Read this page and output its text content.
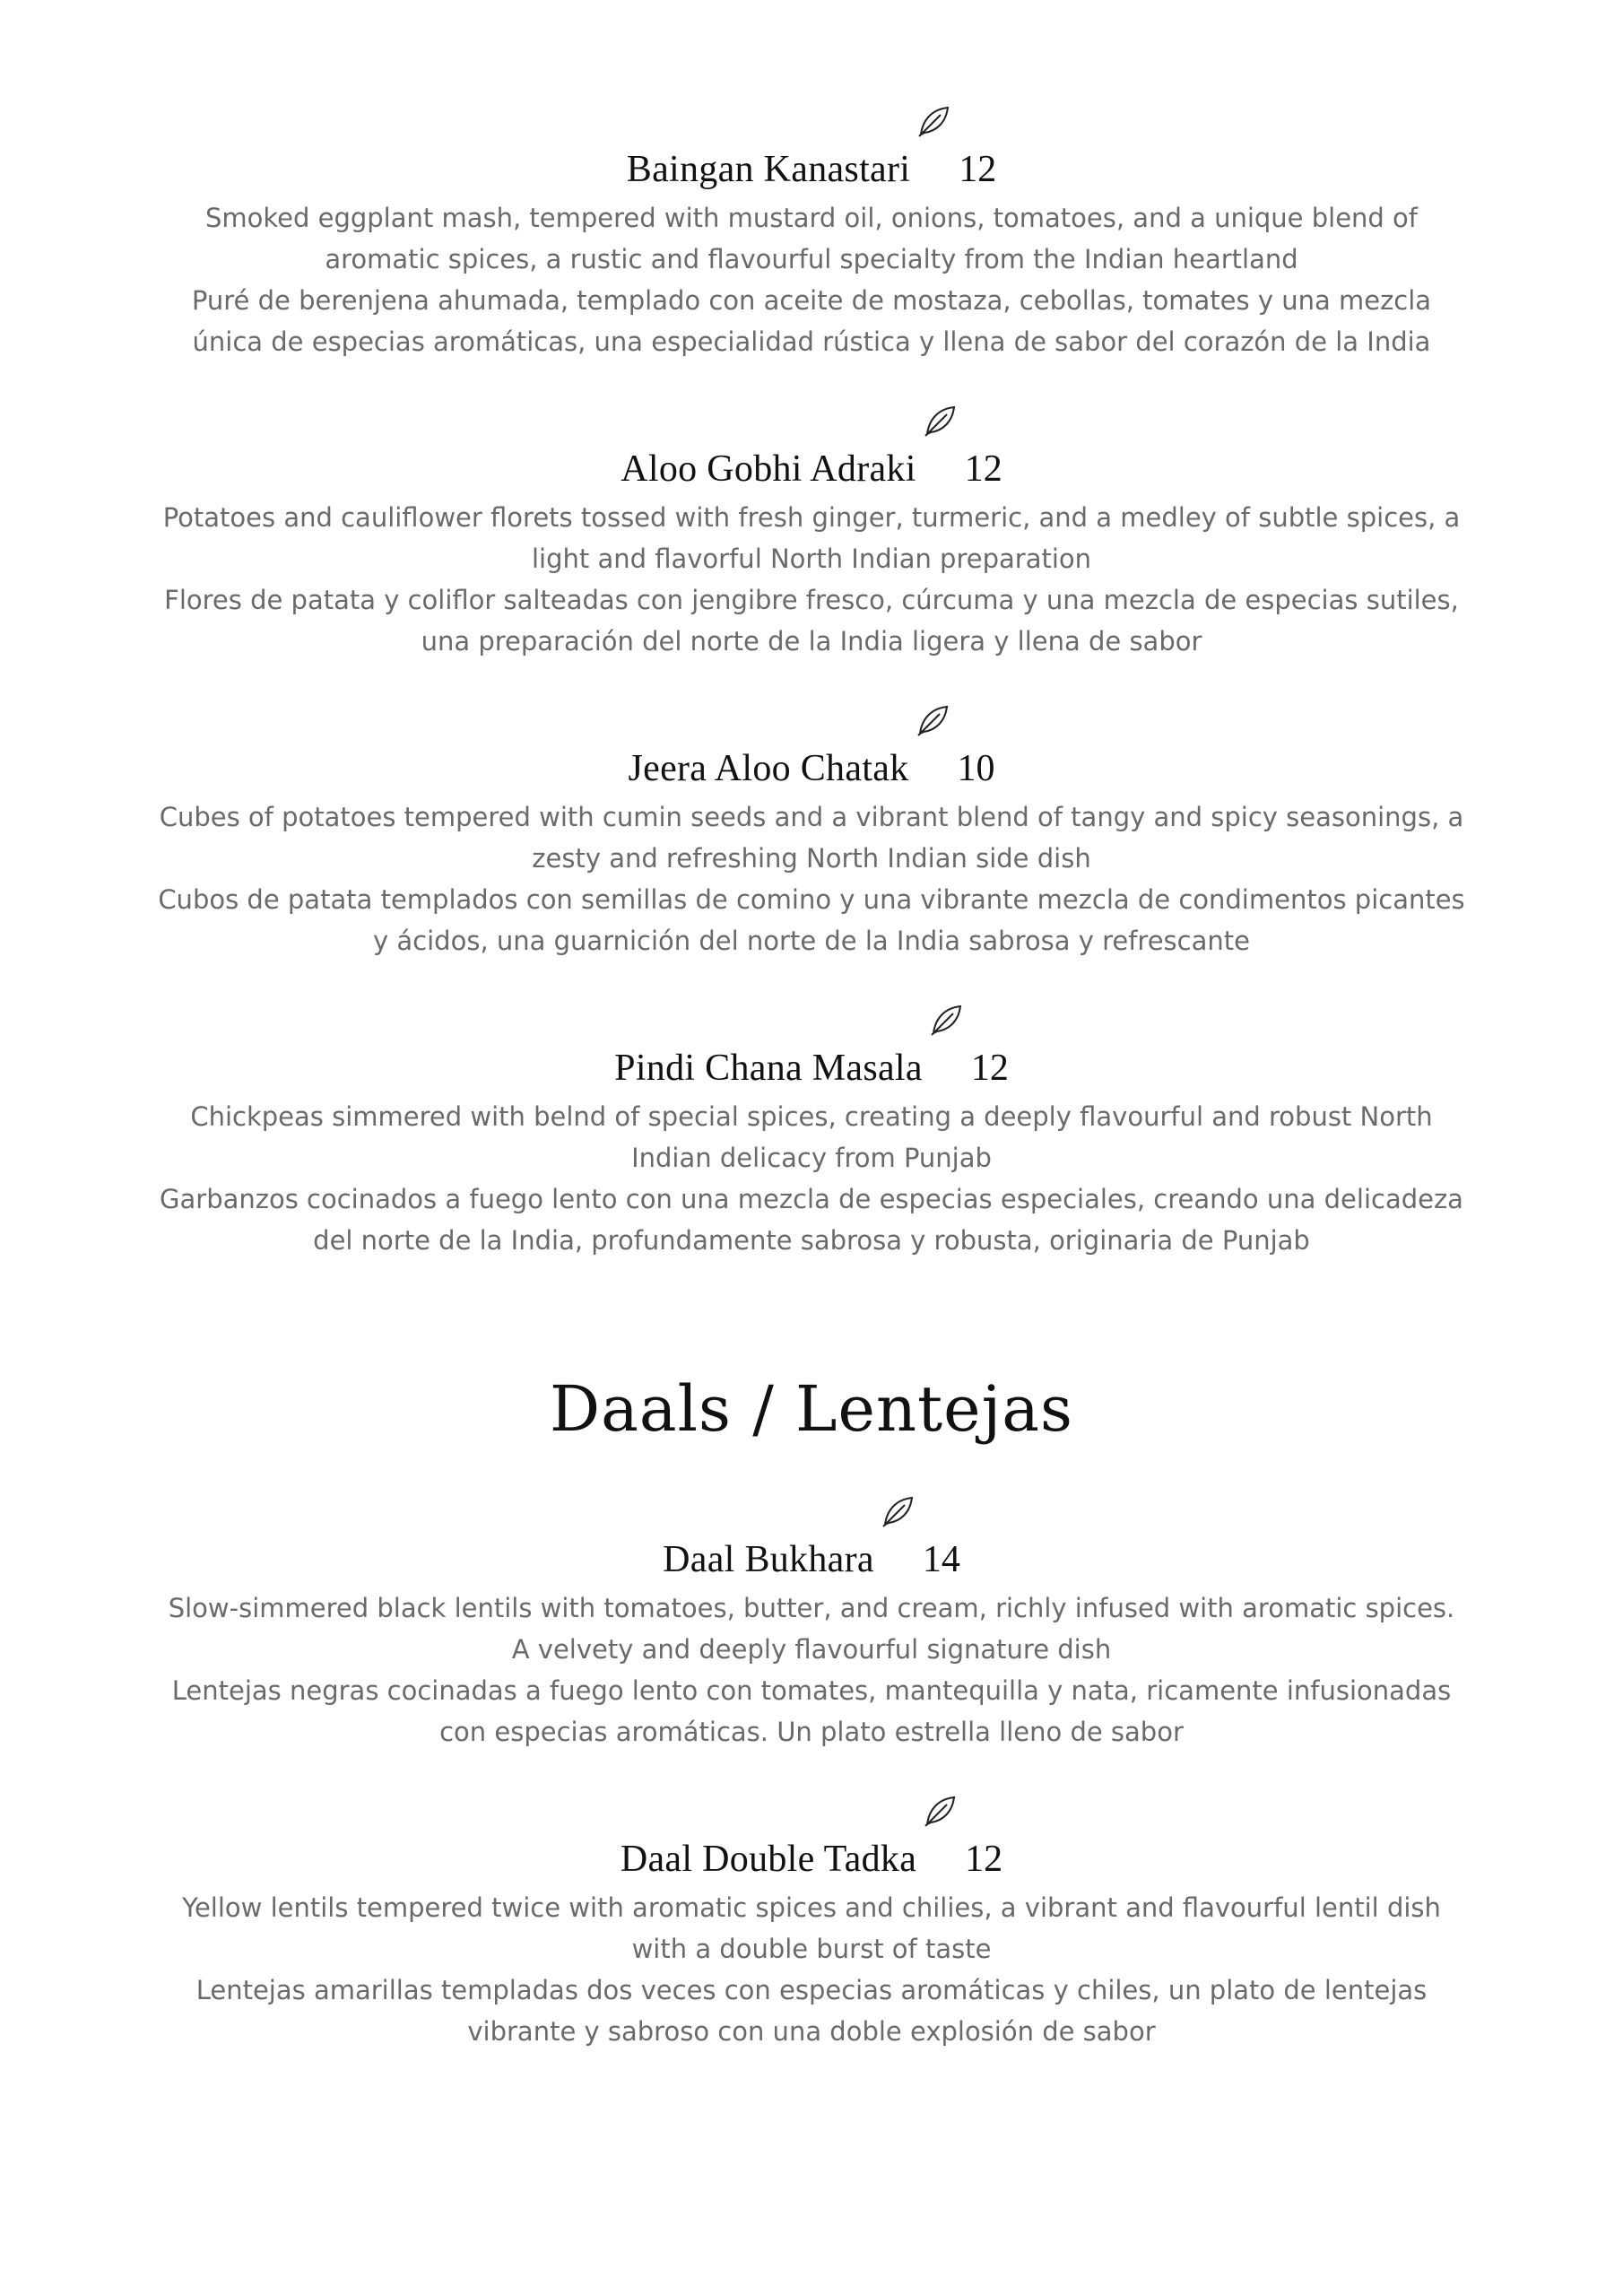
Baingan Kanastari 12

Smoked eggplant mash, tempered with mustard oil, onions, tomatoes, and a unique blend of aromatic spices, a rustic and flavourful specialty from the Indian heartland

Puré de berenjena ahumada, templado con aceite de mostaza, cebollas, tomates y una mezcla única de especias aromáticas, una especialidad rústica y llena de sabor del corazón de la India

Aloo Gobhi Adraki 12

Potatoes and cauliflower florets tossed with fresh ginger, turmeric, and a medley of subtle spices, a light and flavorful North Indian preparation

Flores de patata y coliflor salteadas con jengibre fresco, cúrcuma y una mezcla de especias sutiles, una preparación del norte de la India ligera y llena de sabor

Jeera Aloo Chatak 10

Cubes of potatoes tempered with cumin seeds and a vibrant blend of tangy and spicy seasonings, a zesty and refreshing North Indian side dish

Cubos de patata templados con semillas de comino y una vibrante mezcla de condimentos picantes y ácidos, una guarnición del norte de la India sabrosa y refrescante

Pindi Chana Masala 12

Chickpeas simmered with belnd of special spices, creating a deeply flavourful and robust North Indian delicacy from Punjab

Garbanzos cocinados a fuego lento con una mezcla de especias especiales, creando una delicadeza del norte de la India, profundamente sabrosa y robusta, originaria de Punjab

Daals / Lentejas
Daal Bukhara 14

Slow-simmered black lentils with tomatoes, butter, and cream, richly infused with aromatic spices. A velvety and deeply flavourful signature dish

Lentejas negras cocinadas a fuego lento con tomates, mantequilla y nata, ricamente infusionadas con especias aromáticas. Un plato estrella lleno de sabor

Daal Double Tadka 12

Yellow lentils tempered twice with aromatic spices and chilies, a vibrant and flavourful lentil dish with a double burst of taste

Lentejas amarillas templadas dos veces con especias aromáticas y chiles, un plato de lentejas vibrante y sabroso con una doble explosión de sabor
